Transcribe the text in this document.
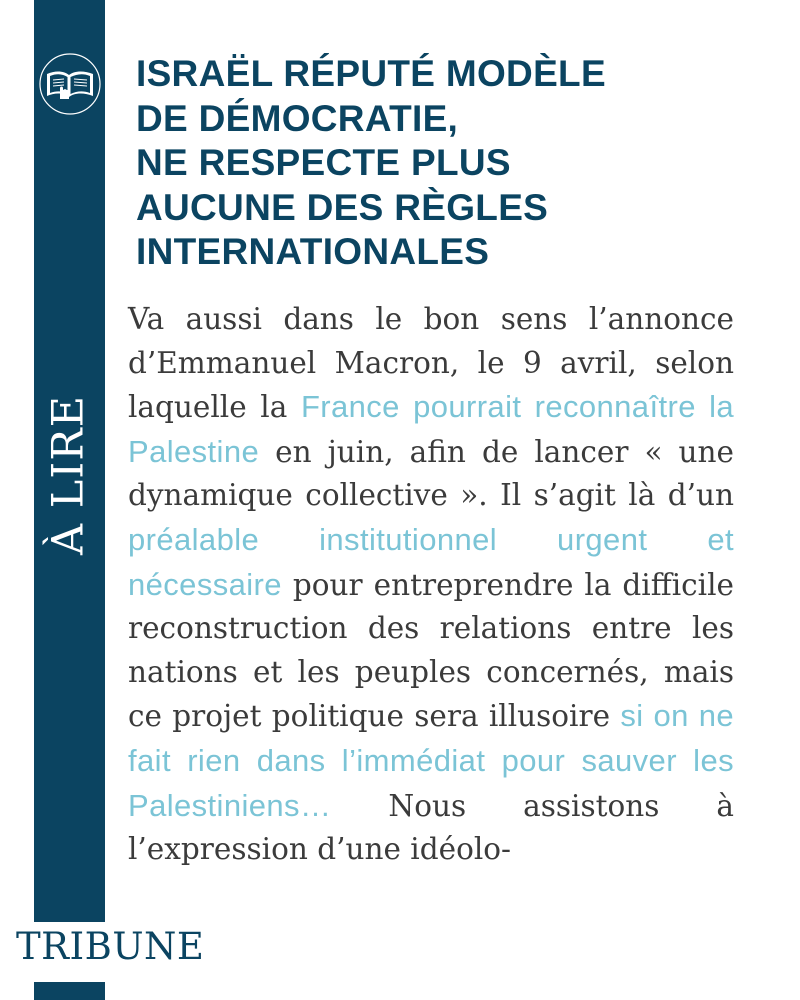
À LIRE
ISRAËL RÉPUTÉ MODÈLE
DE DÉMOCRATIE,
NE RESPECTE PLUS
AUCUNE DES RÈGLES
INTERNATIONALES

Va aussi dans le bon sens l’annonce d’Emmanuel Macron, le 9 avril, selon laquelle la France pourrait reconnaître la Palestine en juin, afin de lancer « une dynamique collective ». Il s’agit là d’un préalable institutionnel urgent et nécessaire pour entreprendre la difficile reconstruction des relations entre les nations et les peuples concernés, mais ce projet politique sera illusoire si on ne fait rien dans l’immédiat pour sauver les Palestiniens… Nous assistons à l’expression d’une idéolo-

TRIBUNE
